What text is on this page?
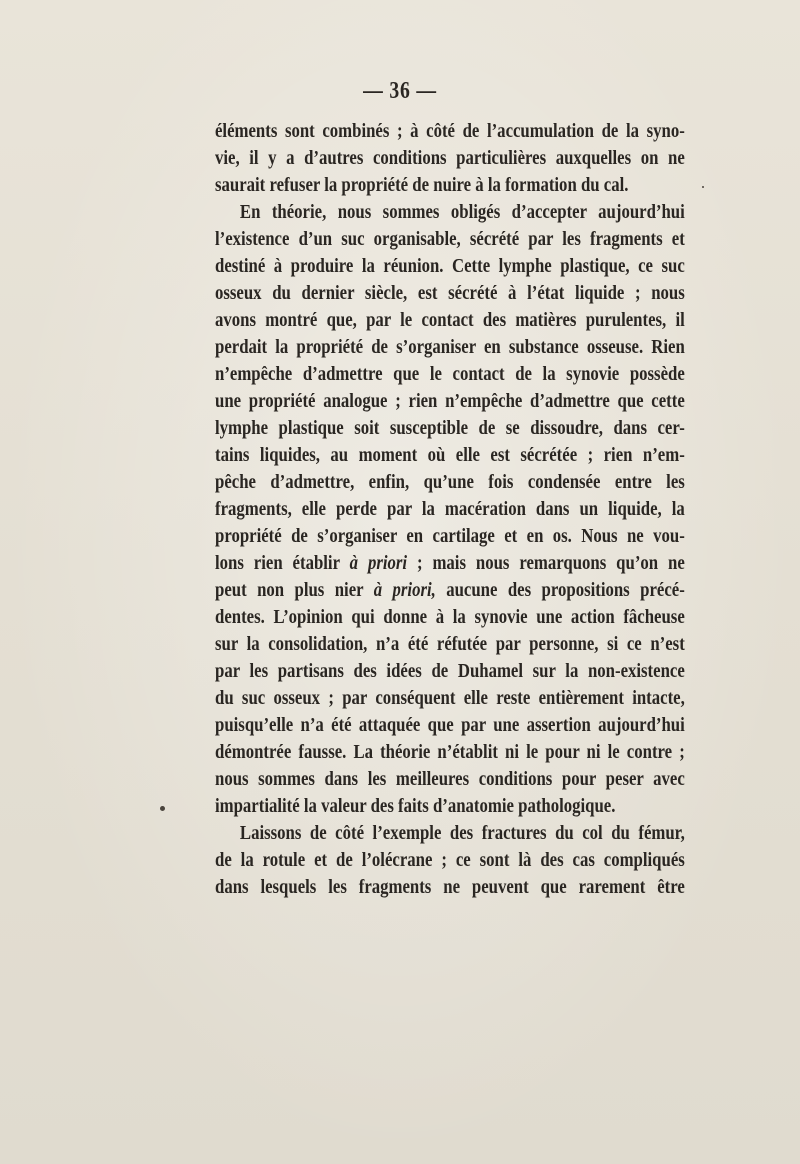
— 36 —
éléments sont combinés ; à côté de l’accumulation de la syno-
vie, il y a d’autres conditions particulières auxquelles on ne
saurait refuser la propriété de nuire à la formation du cal.
En théorie, nous sommes obligés d’accepter aujourd’hui
l’existence d’un suc organisable, sécrété par les fragments et
destiné à produire la réunion. Cette lymphe plastique, ce suc
osseux du dernier siècle, est sécrété à l’état liquide ; nous
avons montré que, par le contact des matières purulentes, il
perdait la propriété de s’organiser en substance osseuse. Rien
n’empêche d’admettre que le contact de la synovie possède
une propriété analogue ; rien n’empêche d’admettre que cette
lymphe plastique soit susceptible de se dissoudre, dans cer-
tains liquides, au moment où elle est sécrétée ; rien n’em-
pêche d’admettre, enfin, qu’une fois condensée entre les
fragments, elle perde par la macération dans un liquide, la
propriété de s’organiser en cartilage et en os. Nous ne vou-
lons rien établir à priori ; mais nous remarquons qu’on ne
peut non plus nier à priori, aucune des propositions précé-
dentes. L’opinion qui donne à la synovie une action fâcheuse
sur la consolidation, n’a été réfutée par personne, si ce n’est
par les partisans des idées de Duhamel sur la non-existence
du suc osseux ; par conséquent elle reste entièrement intacte,
puisqu’elle n’a été attaquée que par une assertion aujourd’hui
démontrée fausse. La théorie n’établit ni le pour ni le contre ;
nous sommes dans les meilleures conditions pour peser avec
impartialité la valeur des faits d’anatomie pathologique.
Laissons de côté l’exemple des fractures du col du fémur,
de la rotule et de l’olécrane ; ce sont là des cas compliqués
dans lesquels les fragments ne peuvent que rarement être
